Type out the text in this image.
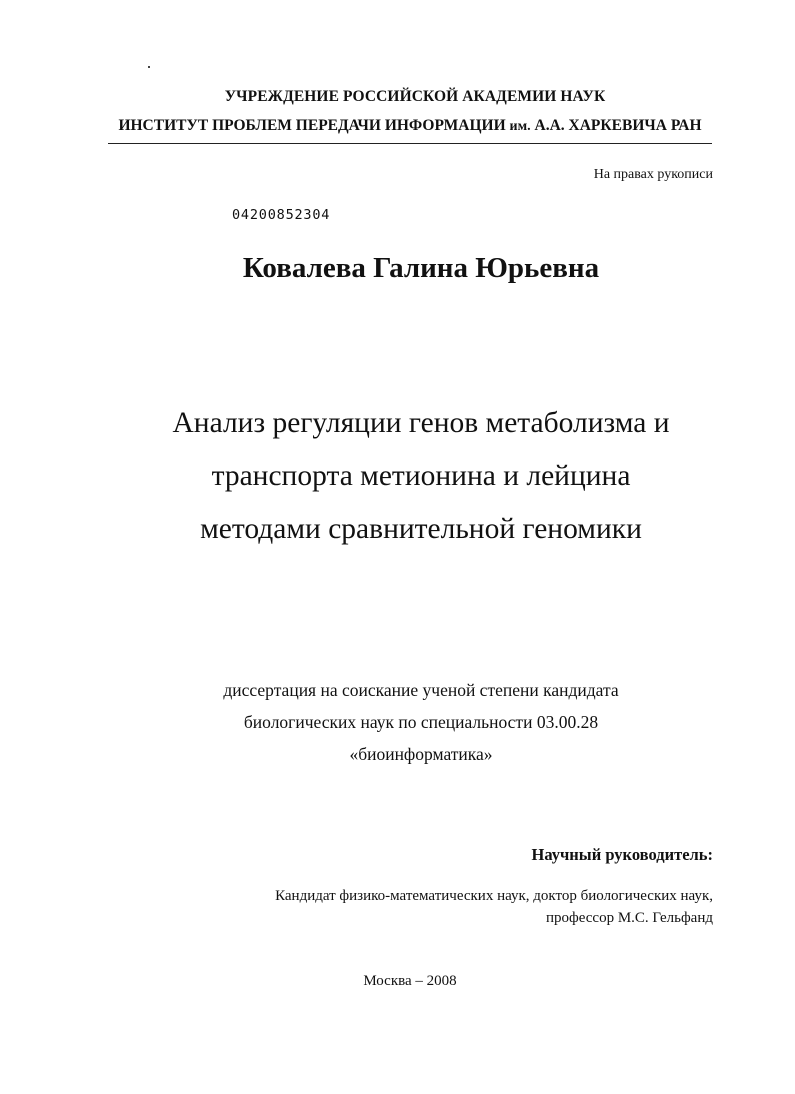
УЧРЕЖДЕНИЕ РОССИЙСКОЙ АКАДЕМИИ НАУК
ИНСТИТУТ ПРОБЛЕМ ПЕРЕДАЧИ ИНФОРМАЦИИ им. А.А. ХАРКЕВИЧА РАН
На правах рукописи
04200852304
Ковалева Галина Юрьевна
Анализ регуляции генов метаболизма и
транспорта метионина и лейцина
методами сравнительной геномики
диссертация на соискание ученой степени кандидата
биологических наук по специальности 03.00.28
«биоинформатика»
Научный руководитель:
Кандидат физико-математических наук, доктор биологических наук,
профессор М.С. Гельфанд
Москва – 2008
